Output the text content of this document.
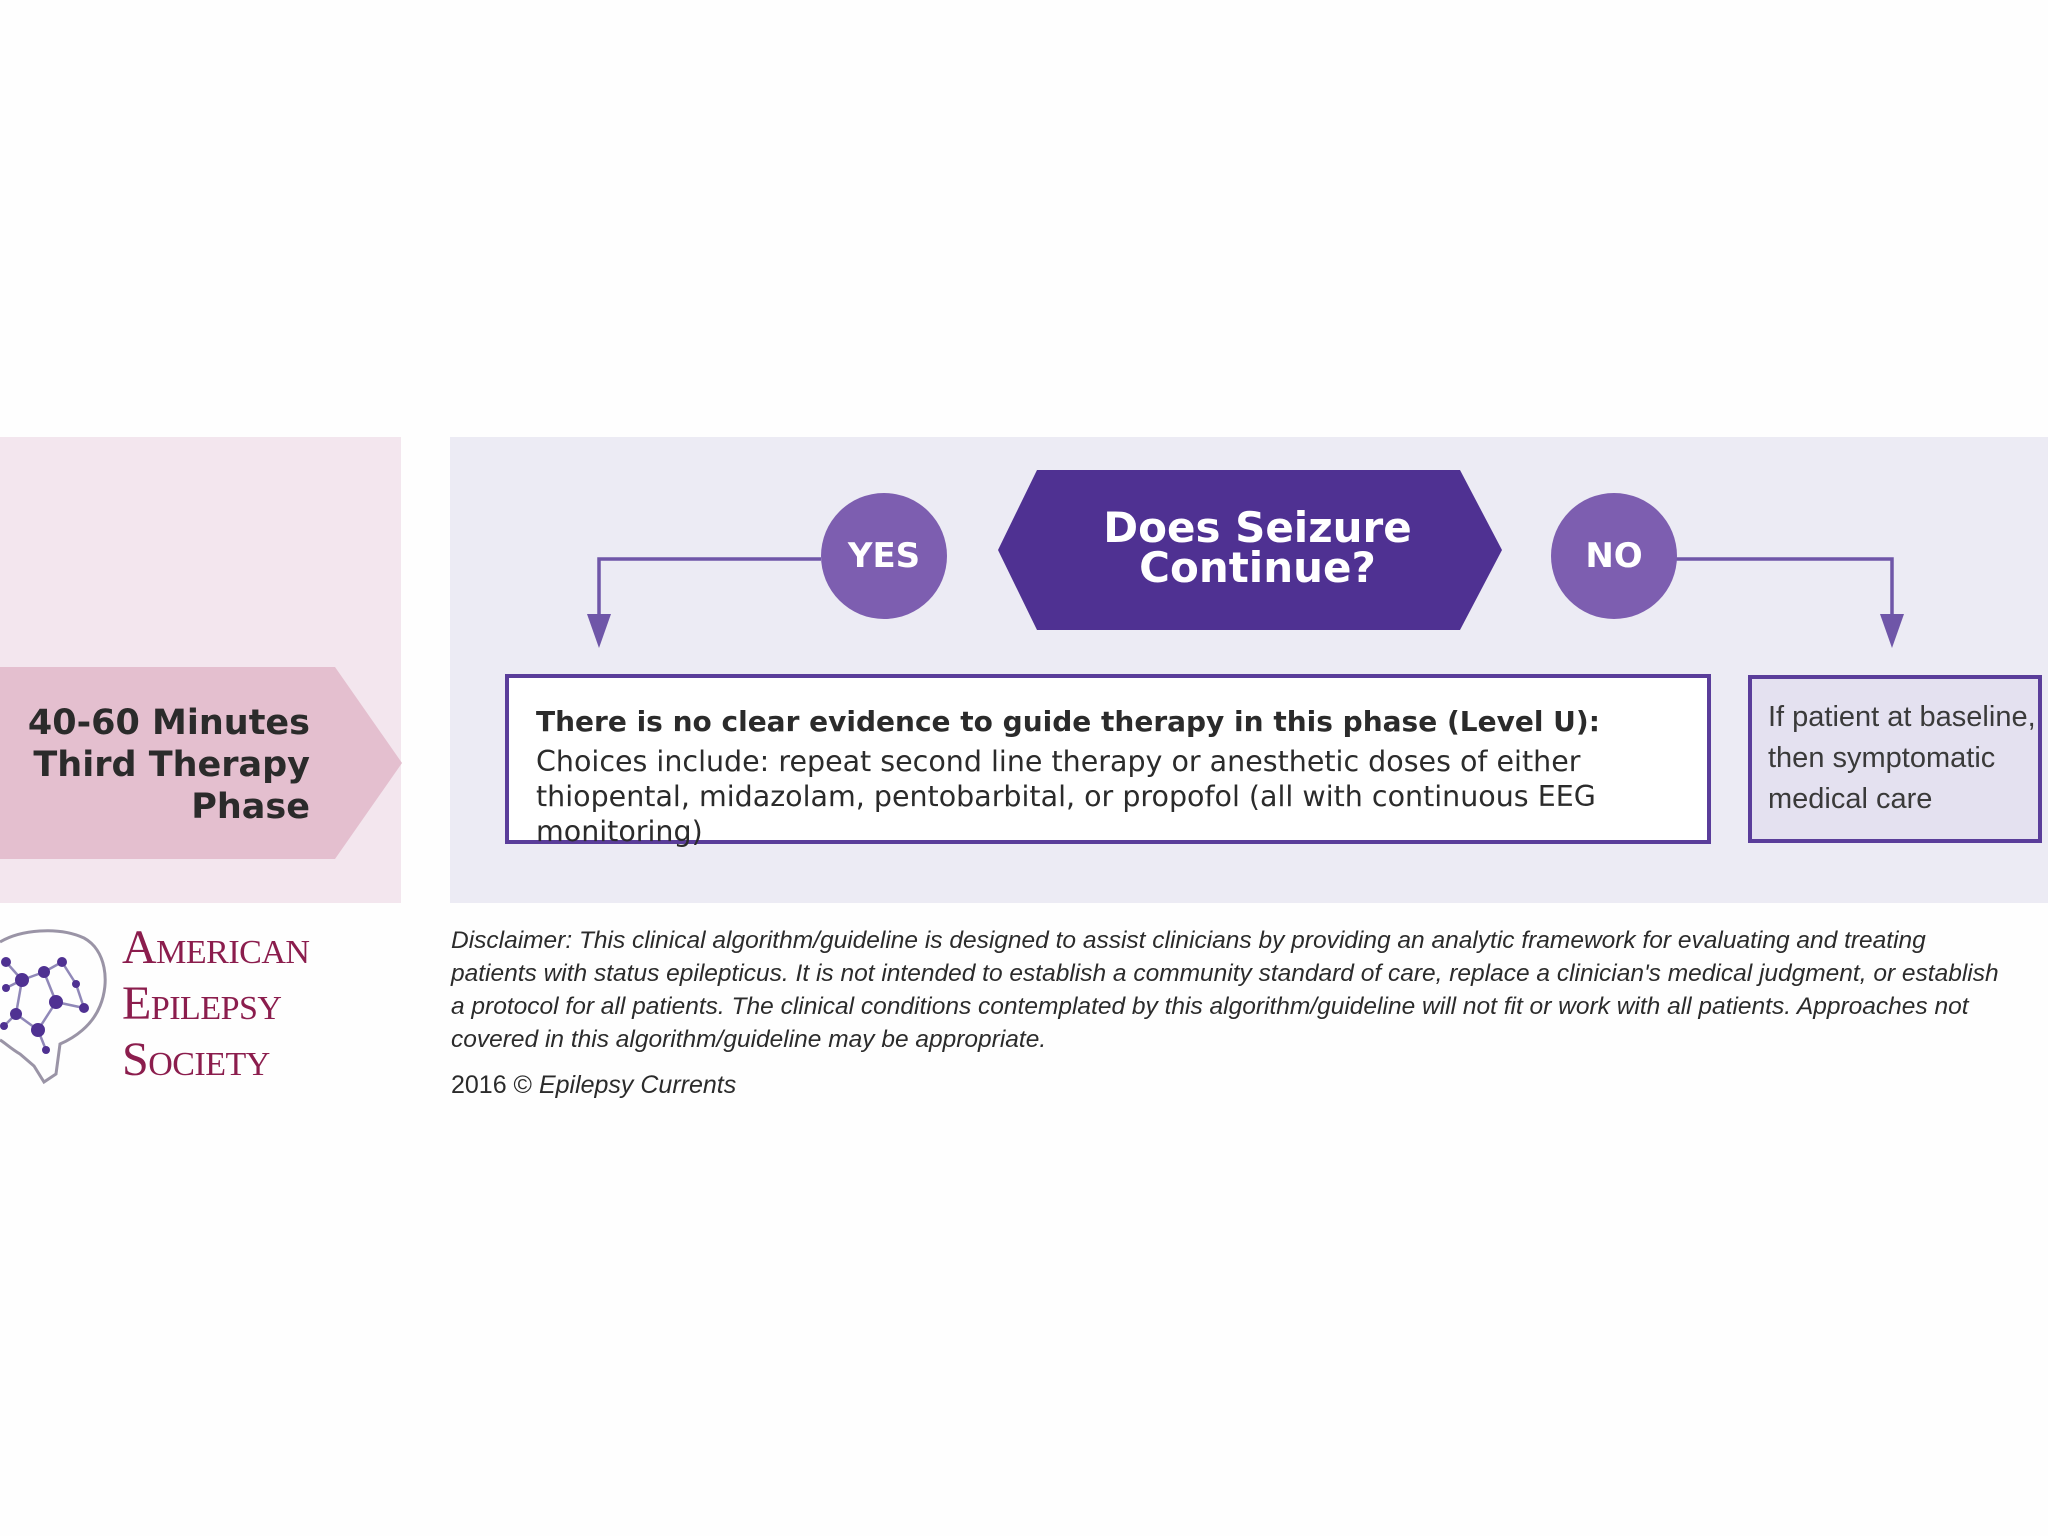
40-60 Minutes
Third Therapy
Phase
Does Seizure
Continue?
YES	NO
There is no clear evidence to guide therapy in this phase (Level U):
Choices include: repeat second line therapy or anesthetic doses of either thiopental, midazolam, pentobarbital, or propofol (all with continuous EEG monitoring)
If patient at baseline,
then symptomatic
medical care
American
Epilepsy
Society
Disclaimer: This clinical algorithm/guideline is designed to assist clinicians by providing an analytic framework for evaluating and treating patients with status epilepticus. It is not intended to establish a community standard of care, replace a clinician's medical judgment, or establish a protocol for all patients. The clinical conditions contemplated by this algorithm/guideline will not fit or work with all patients. Approaches not covered in this algorithm/guideline may be appropriate.
2016 © Epilepsy Currents
